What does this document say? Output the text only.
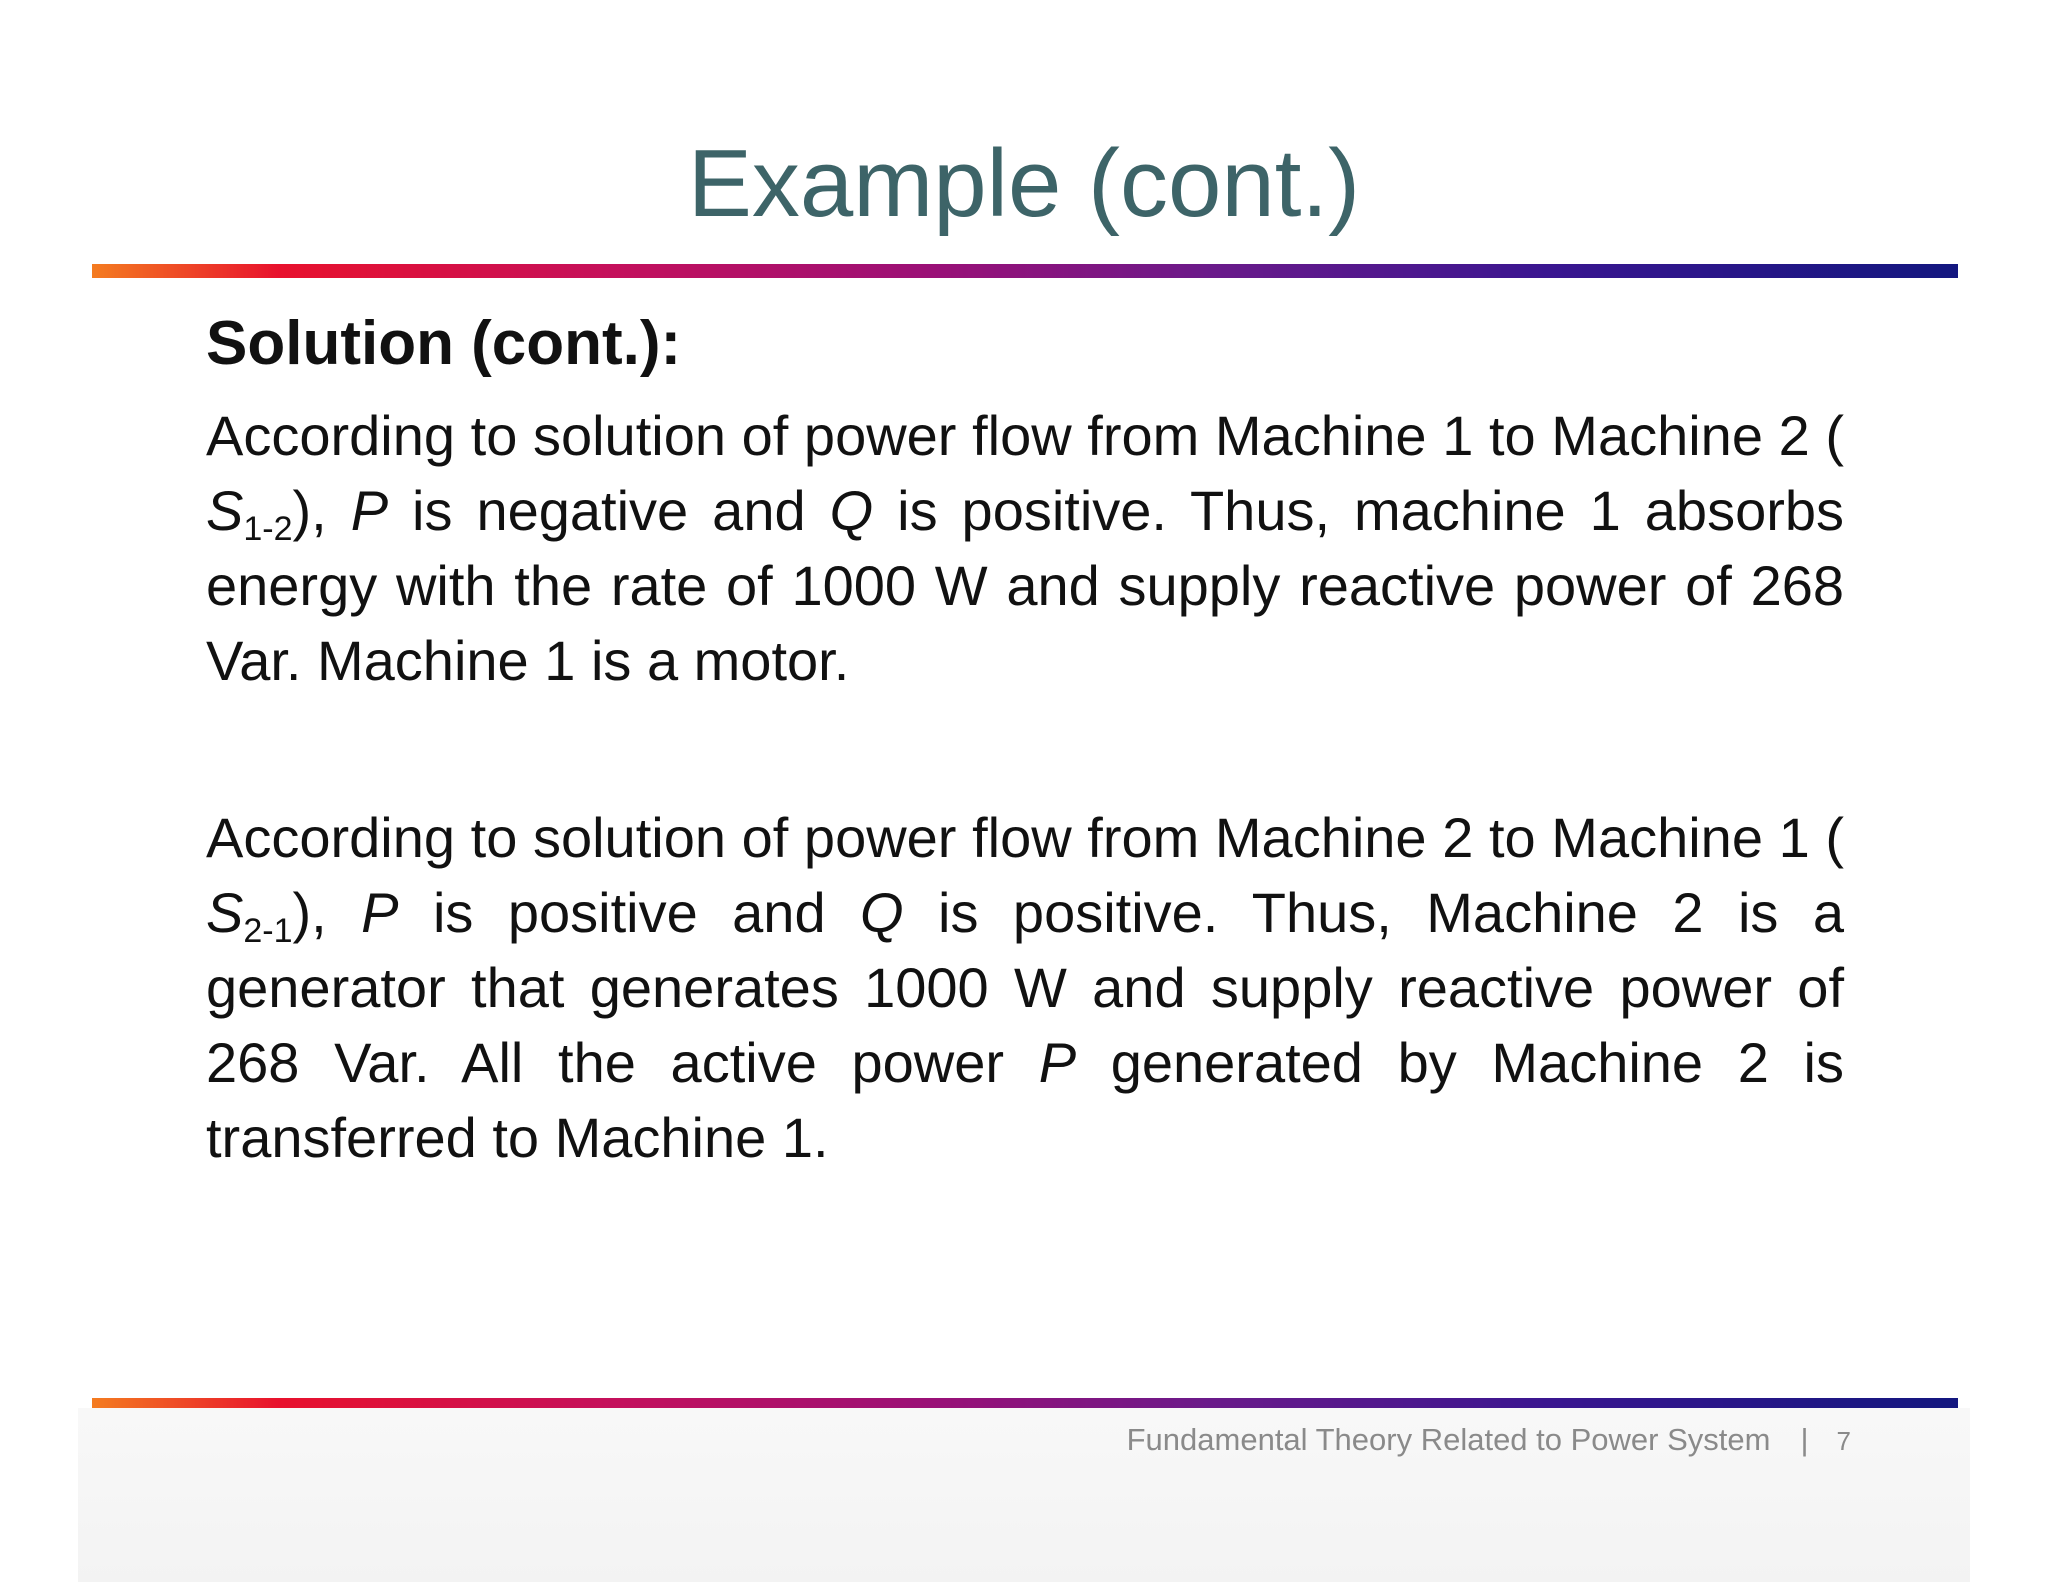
Example (cont.)
Solution (cont.):

According to solution of power flow from Machine 1 to Machine 2 ( $S_{1-2}$), P is negative and Q is positive. Thus, machine 1 absorbs energy with the rate of 1000 W and supply reactive power of 268 Var. Machine 1 is a motor.

According to solution of power flow from Machine 2 to Machine 1 ( $S_{2-1}$), P is positive and Q is positive. Thus, Machine 2 is a generator that generates 1000 W and supply reactive power of 268 Var. All the active power P generated by Machine 2 is transferred to Machine 1.

Fundamental Theory Related to Power System | 7
